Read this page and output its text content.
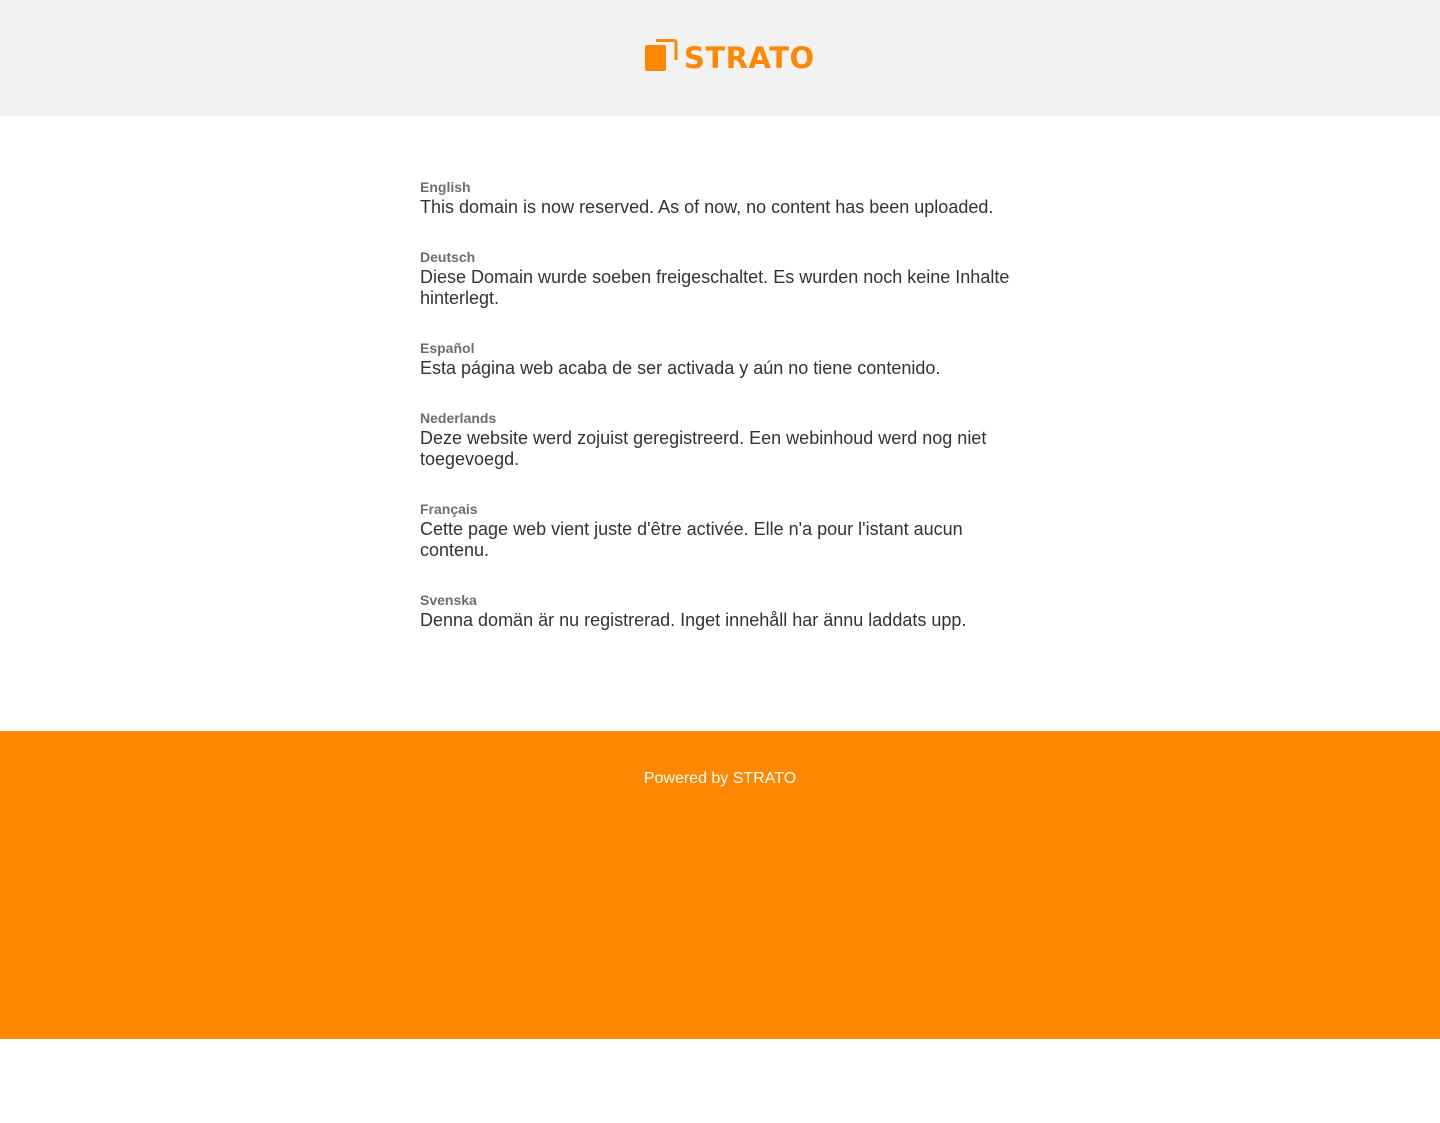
STRATO
English
This domain is now reserved. As of now, no content has been uploaded.
Deutsch
Diese Domain wurde soeben freigeschaltet. Es wurden noch keine Inhalte hinterlegt.
Español
Esta página web acaba de ser activada y aún no tiene contenido.
Nederlands
Deze website werd zojuist geregistreerd. Een webinhoud werd nog niet toegevoegd.
Français
Cette page web vient juste d'être activée. Elle n'a pour l'istant aucun contenu.
Svenska
Denna domän är nu registrerad. Inget innehåll har ännu laddats upp.
Powered by STRATO
